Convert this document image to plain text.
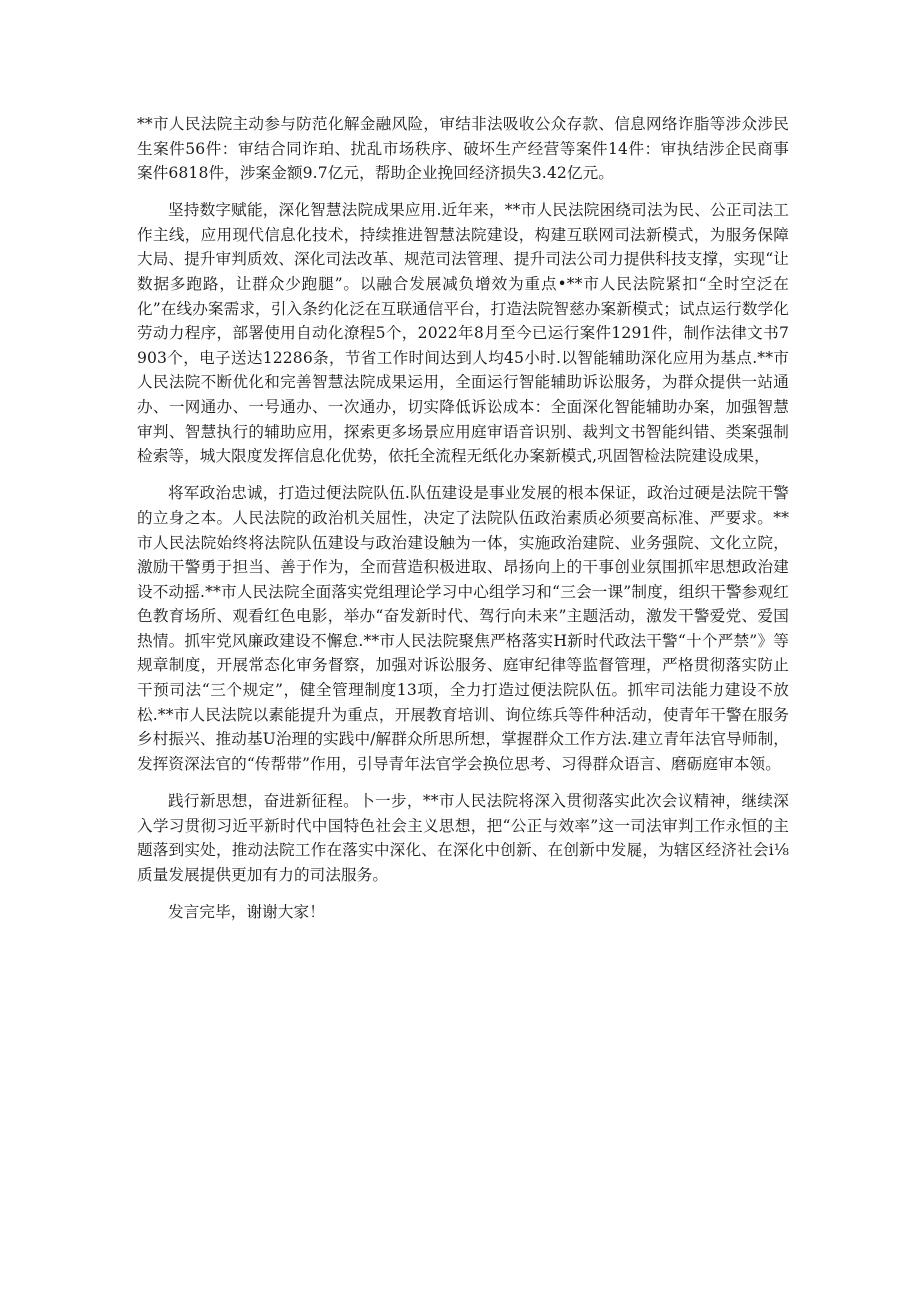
**市人民法院主动参与防范化解金融风险，审结非法吸收公众存款、信息网络诈脂等涉众涉民生案件56件：审结合同诈珀、扰乱市场秩序、破坏生产经营等案件14件：审执结涉企民商事案件6818件，涉案金额9.7亿元，帮助企业挽回经济损失3.42亿元。

坚持数字赋能，深化智慧法院成果应用.近年来，**市人民法院困绕司法为民、公正司法工作主线，应用现代信息化技术，持续推进智慧法院建设，构建互联网司法新模式，为服务保障大局、提升审判质效、深化司法改革、规范司法管理、提升司法公司力提供科技支撑，实现“让数据多跑路，让群众少跑腿”。以融合发展减负增效为重点•**市人民法院紧扣“全时空泛在化”在线办案需求，引入条约化泛在互联通信平台，打造法院智慈办案新模式；试点运行数学化劳动力程序，部署使用自动化潦程5个，2022年8月至今已运行案件1291件，制作法律文书7903个，电子送达12286条，节省工作时间达到人均45小时.以智能辅助深化应用为基点.**市人民法院不断优化和完善智慧法院成果运用，全面运行智能辅助诉讼服务，为群众提供一站通办、一网通办、一号通办、一次通办，切实降低诉讼成本：全面深化智能辅助办案，加强智慧审判、智慧执行的辅助应用，探索更多场景应用庭审语音识别、裁判文书智能纠错、类案强制检索等，城大限度发挥信息化优势，依托全流程无纸化办案新模式,巩固智检法院建设成果，

将军政治忠诚，打造过便法院队伍.队伍建设是事业发展的根本保证，政治过硬是法院干警的立身之本。人民法院的政治机关屈性，决定了法院队伍政治素质必须要高标准、严要求。**市人民法院始终将法院队伍建设与政治建设触为一体，实施政治建院、业务强院、文化立院，激励干警勇于担当、善于作为，全而营造积极进取、昂扬向上的干事创业氛围抓牢思想政治建设不动摇.**市人民法院全面落实党组理论学习中心组学习和“三会一课”制度，组织干警参观红色教育场所、观看红色电影，举办“奋发新时代、驾行向未来”主题活动，激发干警爱党、爱国热情。抓牢党风廉政建设不懈怠.**市人民法院聚焦严格落实H新时代政法干警“十个严禁”》等规章制度，开展常态化审务督察，加强对诉讼服务、庭审纪律等监督管理，严格贯彻落实防止干预司法“三个规定”，健全管理制度13项，全力打造过便法院队伍。抓牢司法能力建设不放松.**市人民法院以素能提升为重点，开展教育培训、询位练兵等件种活动，使青年干警在服务乡村振兴、推动基U治理的实践中/解群众所思所想，掌握群众工作方法.建立青年法官导师制，发挥资深法官的“传帮带”作用，引导青年法官学会换位思考、习得群众语言、磨砺庭审本领。

践行新思想，奋进新征程。卜一步，**市人民法院将深入贯彻落实此次会议精神，继续深入学习贯彻习近平新时代中国特色社会主义思想，把“公正与效率”这一司法审判工作永恒的主题落到实处，推动法院工作在落实中深化、在深化中创新、在创新中发屣，为辖区经济社会i⅛质量发展提供更加有力的司法服务。

发言完毕，谢谢大家！
